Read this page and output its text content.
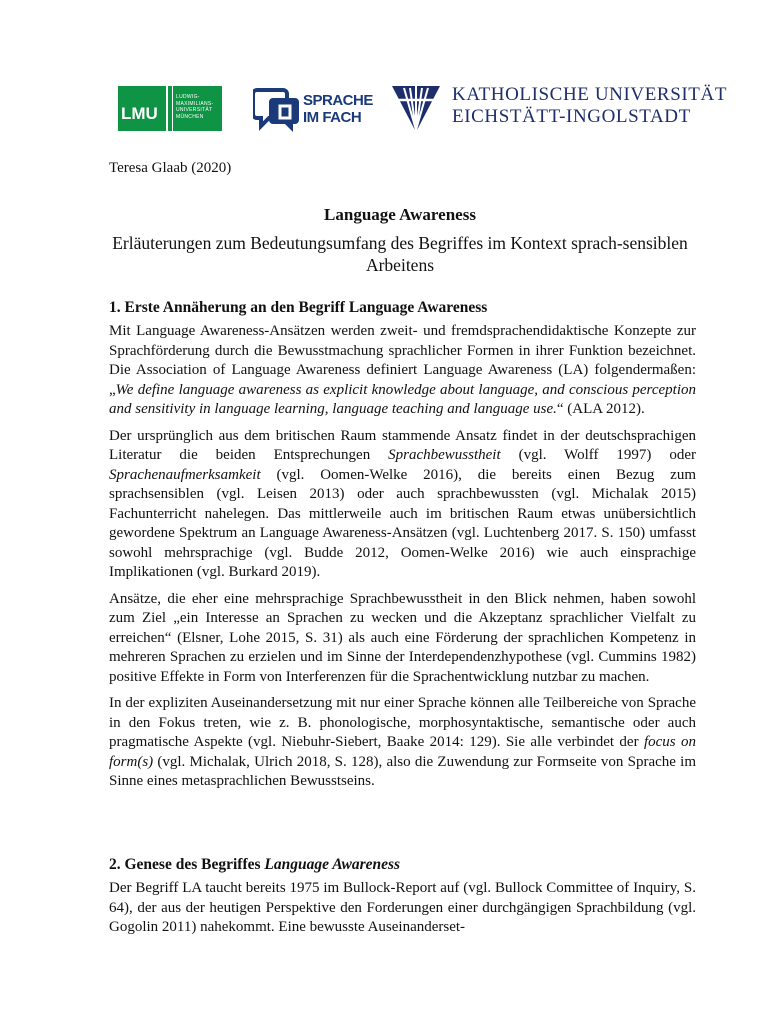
LMU
LUDWIG-
MAXIMILIANS-
UNIVERSITÄT
MÜNCHEN
SPRACHE
IM FACH
KATHOLISCHE UNIVERSITÄT
EICHSTÄTT-INGOLSTADT
Teresa Glaab (2020)
Language Awareness
Erläuterungen zum Bedeutungsumfang des Begriffes im Kontext sprach-sensiblen Arbeitens
1. Erste Annäherung an den Begriff Language Awareness

Mit Language Awareness-Ansätzen werden zweit- und fremdsprachendidaktische Konzepte zur Sprachförderung durch die Bewusstmachung sprachlicher Formen in ihrer Funktion bezeichnet. Die Association of Language Awareness definiert Language Awareness (LA) folgendermaßen: „We define language awareness as explicit knowledge about language, and conscious perception and sensitivity in language learning, language teaching and language use.“ (ALA 2012).

Der ursprünglich aus dem britischen Raum stammende Ansatz findet in der deutschsprachigen Literatur die beiden Entsprechungen Sprachbewusstheit (vgl. Wolff 1997) oder Sprachenaufmerksamkeit (vgl. Oomen-Welke 2016), die bereits einen Bezug zum sprachsensiblen (vgl. Leisen 2013) oder auch sprachbewussten (vgl. Michalak 2015) Fachunterricht nahelegen. Das mittlerweile auch im britischen Raum etwas unübersichtlich gewordene Spektrum an Language Awareness-Ansätzen (vgl. Luchtenberg 2017. S. 150) umfasst sowohl mehrsprachige (vgl. Budde 2012, Oomen-Welke 2016) wie auch einsprachige Implikationen (vgl. Burkard 2019).

Ansätze, die eher eine mehrsprachige Sprachbewusstheit in den Blick nehmen, haben sowohl zum Ziel „ein Interesse an Sprachen zu wecken und die Akzeptanz sprachlicher Vielfalt zu erreichen“ (Elsner, Lohe 2015, S. 31) als auch eine Förderung der sprachlichen Kompetenz in mehreren Sprachen zu erzielen und im Sinne der Interdependenzhypothese (vgl. Cummins 1982) positive Effekte in Form von Interferenzen für die Sprachentwicklung nutzbar zu machen.

In der expliziten Auseinandersetzung mit nur einer Sprache können alle Teilbereiche von Sprache in den Fokus treten, wie z. B. phonologische, morphosyntaktische, semantische oder auch pragmatische Aspekte (vgl. Niebuhr-Siebert, Baake 2014: 129). Sie alle verbindet der focus on form(s) (vgl. Michalak, Ulrich 2018, S. 128), also die Zuwendung zur Formseite von Sprache im Sinne eines metasprachlichen Bewusstseins.

2. Genese des Begriffes Language Awareness

Der Begriff LA taucht bereits 1975 im Bullock-Report auf (vgl. Bullock Committee of Inquiry, S. 64), der aus der heutigen Perspektive den Forderungen einer durchgängigen Sprachbildung (vgl. Gogolin 2011) nahekommt. Eine bewusste Auseinanderset-
